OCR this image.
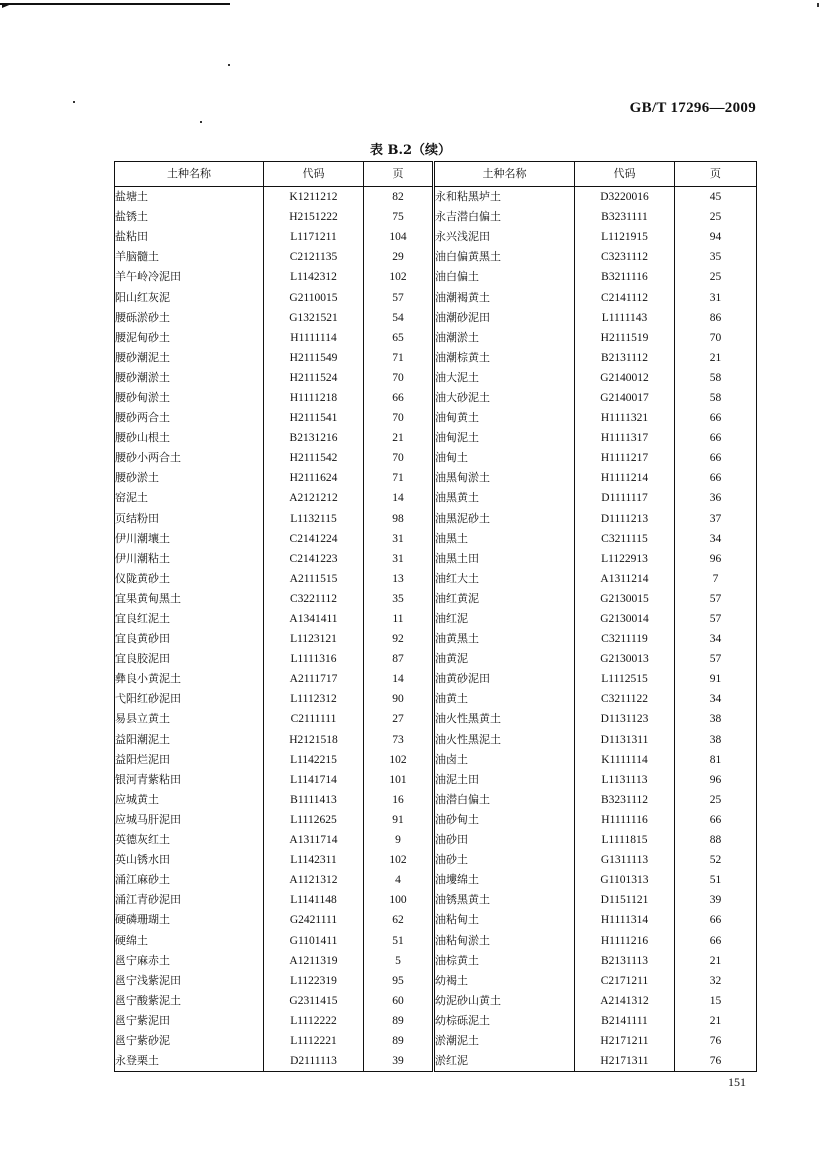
GB/T 17296—2009
表 B.2（续）
土种名称	代码	页	土种名称	代码	页
盐塘土	K1211212	82	永和粘黑垆土	D3220016	45
盐锈土	H2151222	75	永吉潜白偏土	B3231111	25
盐粘田	L1171211	104	永兴浅泥田	L1121915	94
羊脑髓土	C2121135	29	油白偏黄黑土	C3231112	35
羊午岭冷泥田	L1142312	102	油白偏土	B3211116	25
阳山红灰泥	G2110015	57	油潮褐黄土	C2141112	31
腰砾淤砂土	G1321521	54	油潮砂泥田	L1111143	86
腰泥甸砂土	H1111114	65	油潮淤土	H2111519	70
腰砂潮泥土	H2111549	71	油潮棕黄土	B2131112	21
腰砂潮淤土	H2111524	70	油大泥土	G2140012	58
腰砂甸淤土	H1111218	66	油大砂泥土	G2140017	58
腰砂两合土	H2111541	70	油甸黄土	H1111321	66
腰砂山根土	B2131216	21	油甸泥土	H1111317	66
腰砂小两合土	H2111542	70	油甸土	H1111217	66
腰砂淤土	H2111624	71	油黑甸淤土	H1111214	66
窑泥土	A2121212	14	油黑黄土	D1111117	36
页结粉田	L1132115	98	油黑泥砂土	D1111213	37
伊川潮壤土	C2141224	31	油黑土	C3211115	34
伊川潮粘土	C2141223	31	油黑土田	L1122913	96
仪陇黄砂土	A2111515	13	油红大土	A1311214	7
宜果黄甸黑土	C3221112	35	油红黄泥	G2130015	57
宜良红泥土	A1341411	11	油红泥	G2130014	57
宜良黄砂田	L1123121	92	油黄黑土	C3211119	34
宜良胶泥田	L1111316	87	油黄泥	G2130013	57
彝良小黄泥土	A2111717	14	油黄砂泥田	L1112515	91
弋阳红砂泥田	L1112312	90	油黄土	C3211122	34
易县立黄土	C2111111	27	油火性黑黄土	D1131123	38
益阳潮泥土	H2121518	73	油火性黑泥土	D1131311	38
益阳烂泥田	L1142215	102	油卤土	K1111114	81
银河青紫粘田	L1141714	101	油泥土田	L1131113	96
应城黄土	B1111413	16	油潜白偏土	B3231112	25
应城马肝泥田	L1112625	91	油砂甸土	H1111116	66
英德灰红土	A1311714	9	油砂田	L1111815	88
英山锈水田	L1142311	102	油砂土	G1311113	52
涌江麻砂土	A1121312	4	油塿绵土	G1101313	51
涌江青砂泥田	L1141148	100	油锈黑黄土	D1151121	39
硬磷珊瑚土	G2421111	62	油粘甸土	H1111314	66
硬绵土	G1101411	51	油粘甸淤土	H1111216	66
邕宁麻赤土	A1211319	5	油棕黄土	B2131113	21
邕宁浅紫泥田	L1122319	95	幼褐土	C2171211	32
邕宁酸紫泥土	G2311415	60	幼泥砂山黄土	A2141312	15
邕宁紫泥田	L1112222	89	幼棕砾泥土	B2141111	21
邕宁紫砂泥	L1112221	89	淤潮泥土	H2171211	76
永登栗土	D2111113	39	淤红泥	H2171311	76
151
